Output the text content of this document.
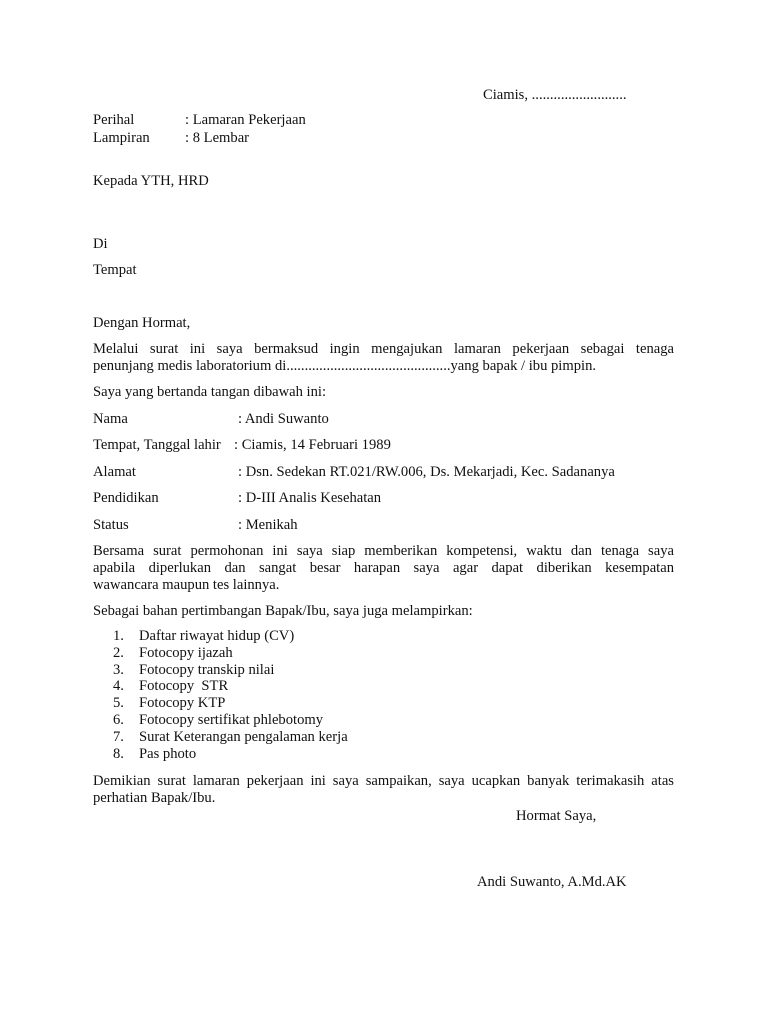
Ciamis, ..........................
Perihal	: Lamaran Pekerjaan
Lampiran : 8 Lembar
Kepada YTH, HRD
Di
Tempat
Dengan Hormat,
Melalui surat ini saya bermaksud ingin mengajukan lamaran pekerjaan sebagai tenaga
penunjang medis laboratorium di.............................................yang bapak / ibu pimpin.
Saya yang bertanda tangan dibawah ini:
Nama	: Andi Suwanto
Tempat, Tanggal lahir : Ciamis, 14 Februari 1989
Alamat	: Dsn. Sedekan RT.021/RW.006, Ds. Mekarjadi, Kec. Sadananya
Pendidikan	: D-III Analis Kesehatan
Status	: Menikah
Bersama surat permohonan ini saya siap memberikan kompetensi, waktu dan tenaga saya
apabila diperlukan dan sangat besar harapan saya agar dapat diberikan kesempatan
wawancara maupun tes lainnya.
Sebagai bahan pertimbangan Bapak/Ibu, saya juga melampirkan:
1. Daftar riwayat hidup (CV)
2. Fotocopy ijazah
3. Fotocopy transkip nilai
4. Fotocopy  STR
5. Fotocopy KTP
6. Fotocopy sertifikat phlebotomy
7. Surat Keterangan pengalaman kerja
8. Pas photo
Demikian surat lamaran pekerjaan ini saya sampaikan, saya ucapkan banyak terimakasih atas
perhatian Bapak/Ibu.
Hormat Saya,
Andi Suwanto, A.Md.AK
